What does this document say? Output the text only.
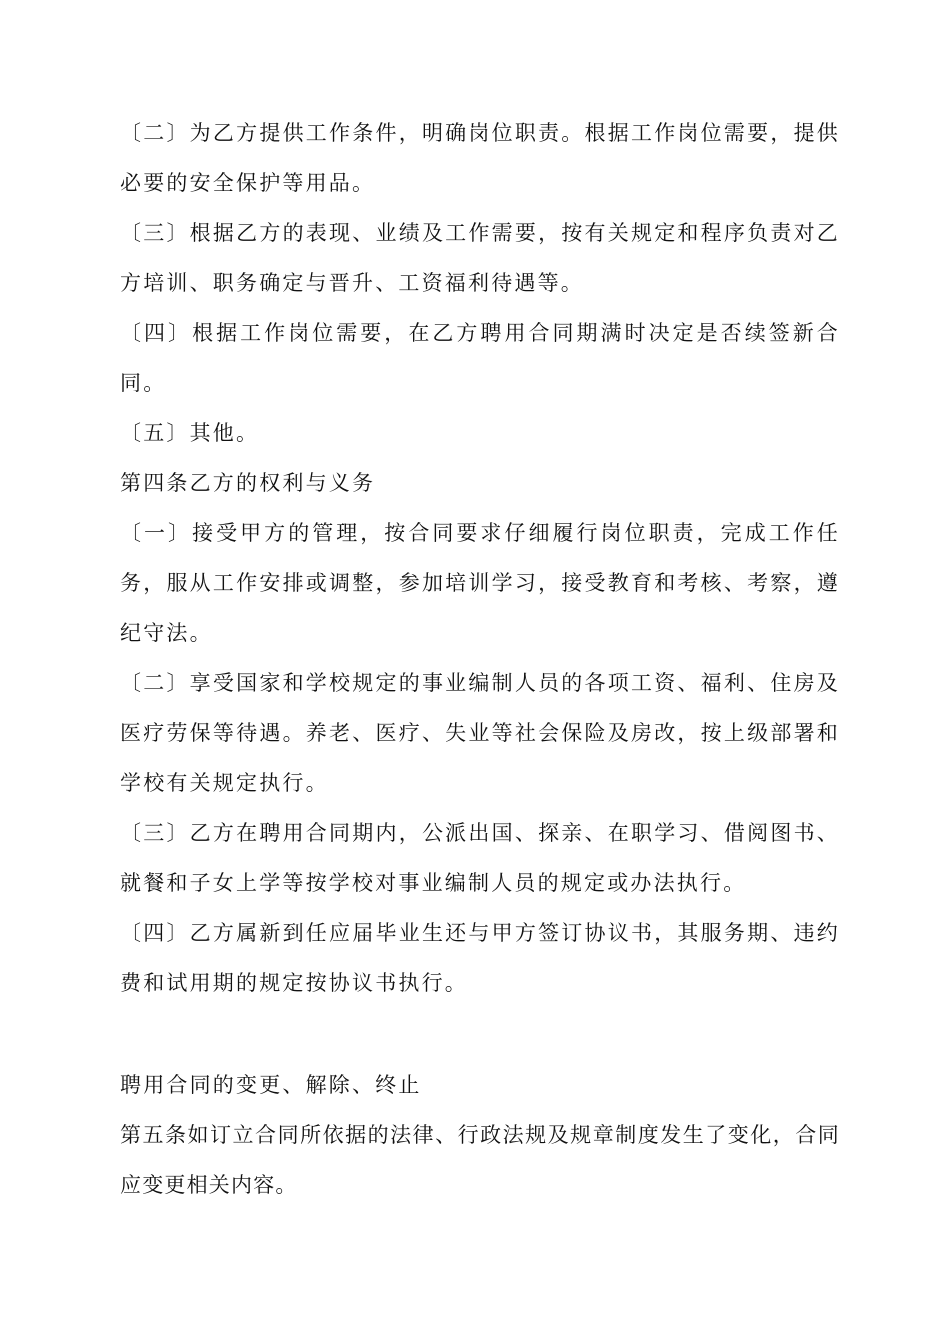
〔二〕为乙方提供工作条件，明确岗位职责。根据工作岗位需要，提供必要的安全保护等用品。

〔三〕根据乙方的表现、业绩及工作需要，按有关规定和程序负责对乙方培训、职务确定与晋升、工资福利待遇等。

〔四〕根据工作岗位需要，在乙方聘用合同期满时决定是否续签新合同。

〔五〕其他。

第四条乙方的权利与义务

〔一〕接受甲方的管理，按合同要求仔细履行岗位职责，完成工作任务，服从工作安排或调整，参加培训学习，接受教育和考核、考察，遵纪守法。

〔二〕享受国家和学校规定的事业编制人员的各项工资、福利、住房及医疗劳保等待遇。养老、医疗、失业等社会保险及房改，按上级部署和学校有关规定执行。

〔三〕乙方在聘用合同期内，公派出国、探亲、在职学习、借阅图书、就餐和子女上学等按学校对事业编制人员的规定或办法执行。

〔四〕乙方属新到任应届毕业生还与甲方签订协议书，其服务期、违约费和试用期的规定按协议书执行。

聘用合同的变更、解除、终止

第五条如订立合同所依据的法律、行政法规及规章制度发生了变化，合同应变更相关内容。
